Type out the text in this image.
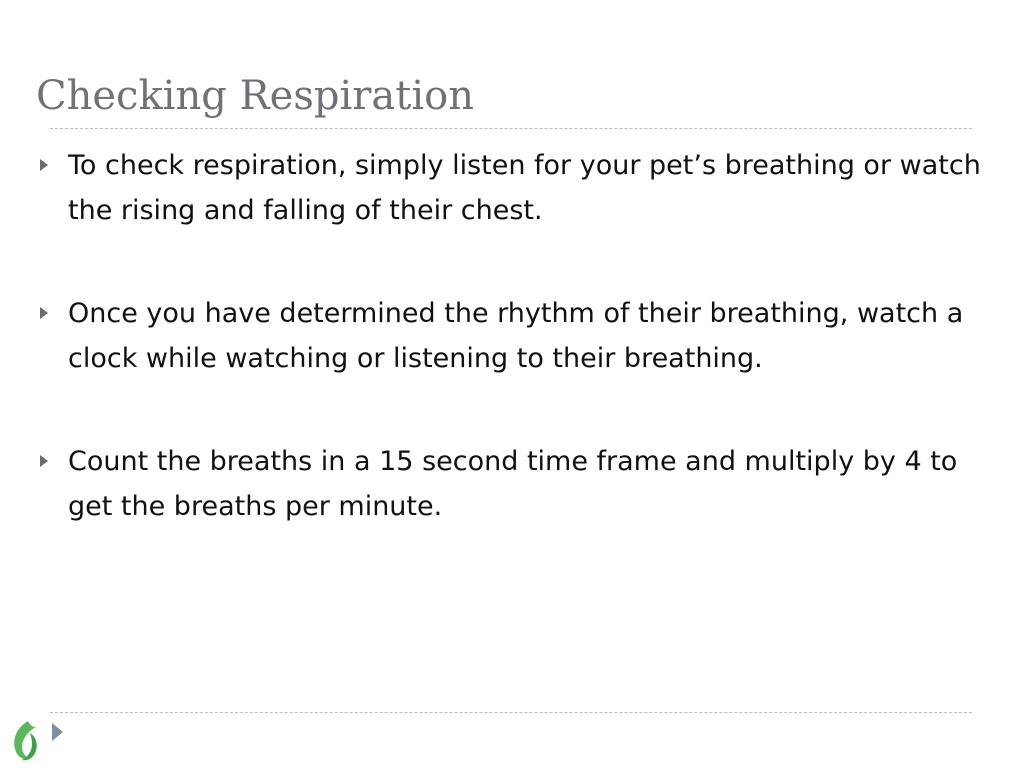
Checking Respiration
To check respiration, simply listen for your pet’s breathing or watch the rising and falling of their chest.
Once you have determined the rhythm of their breathing, watch a clock while watching or listening to their breathing.
Count the breaths in a 15 second time frame and multiply by 4 to get the breaths per minute.
